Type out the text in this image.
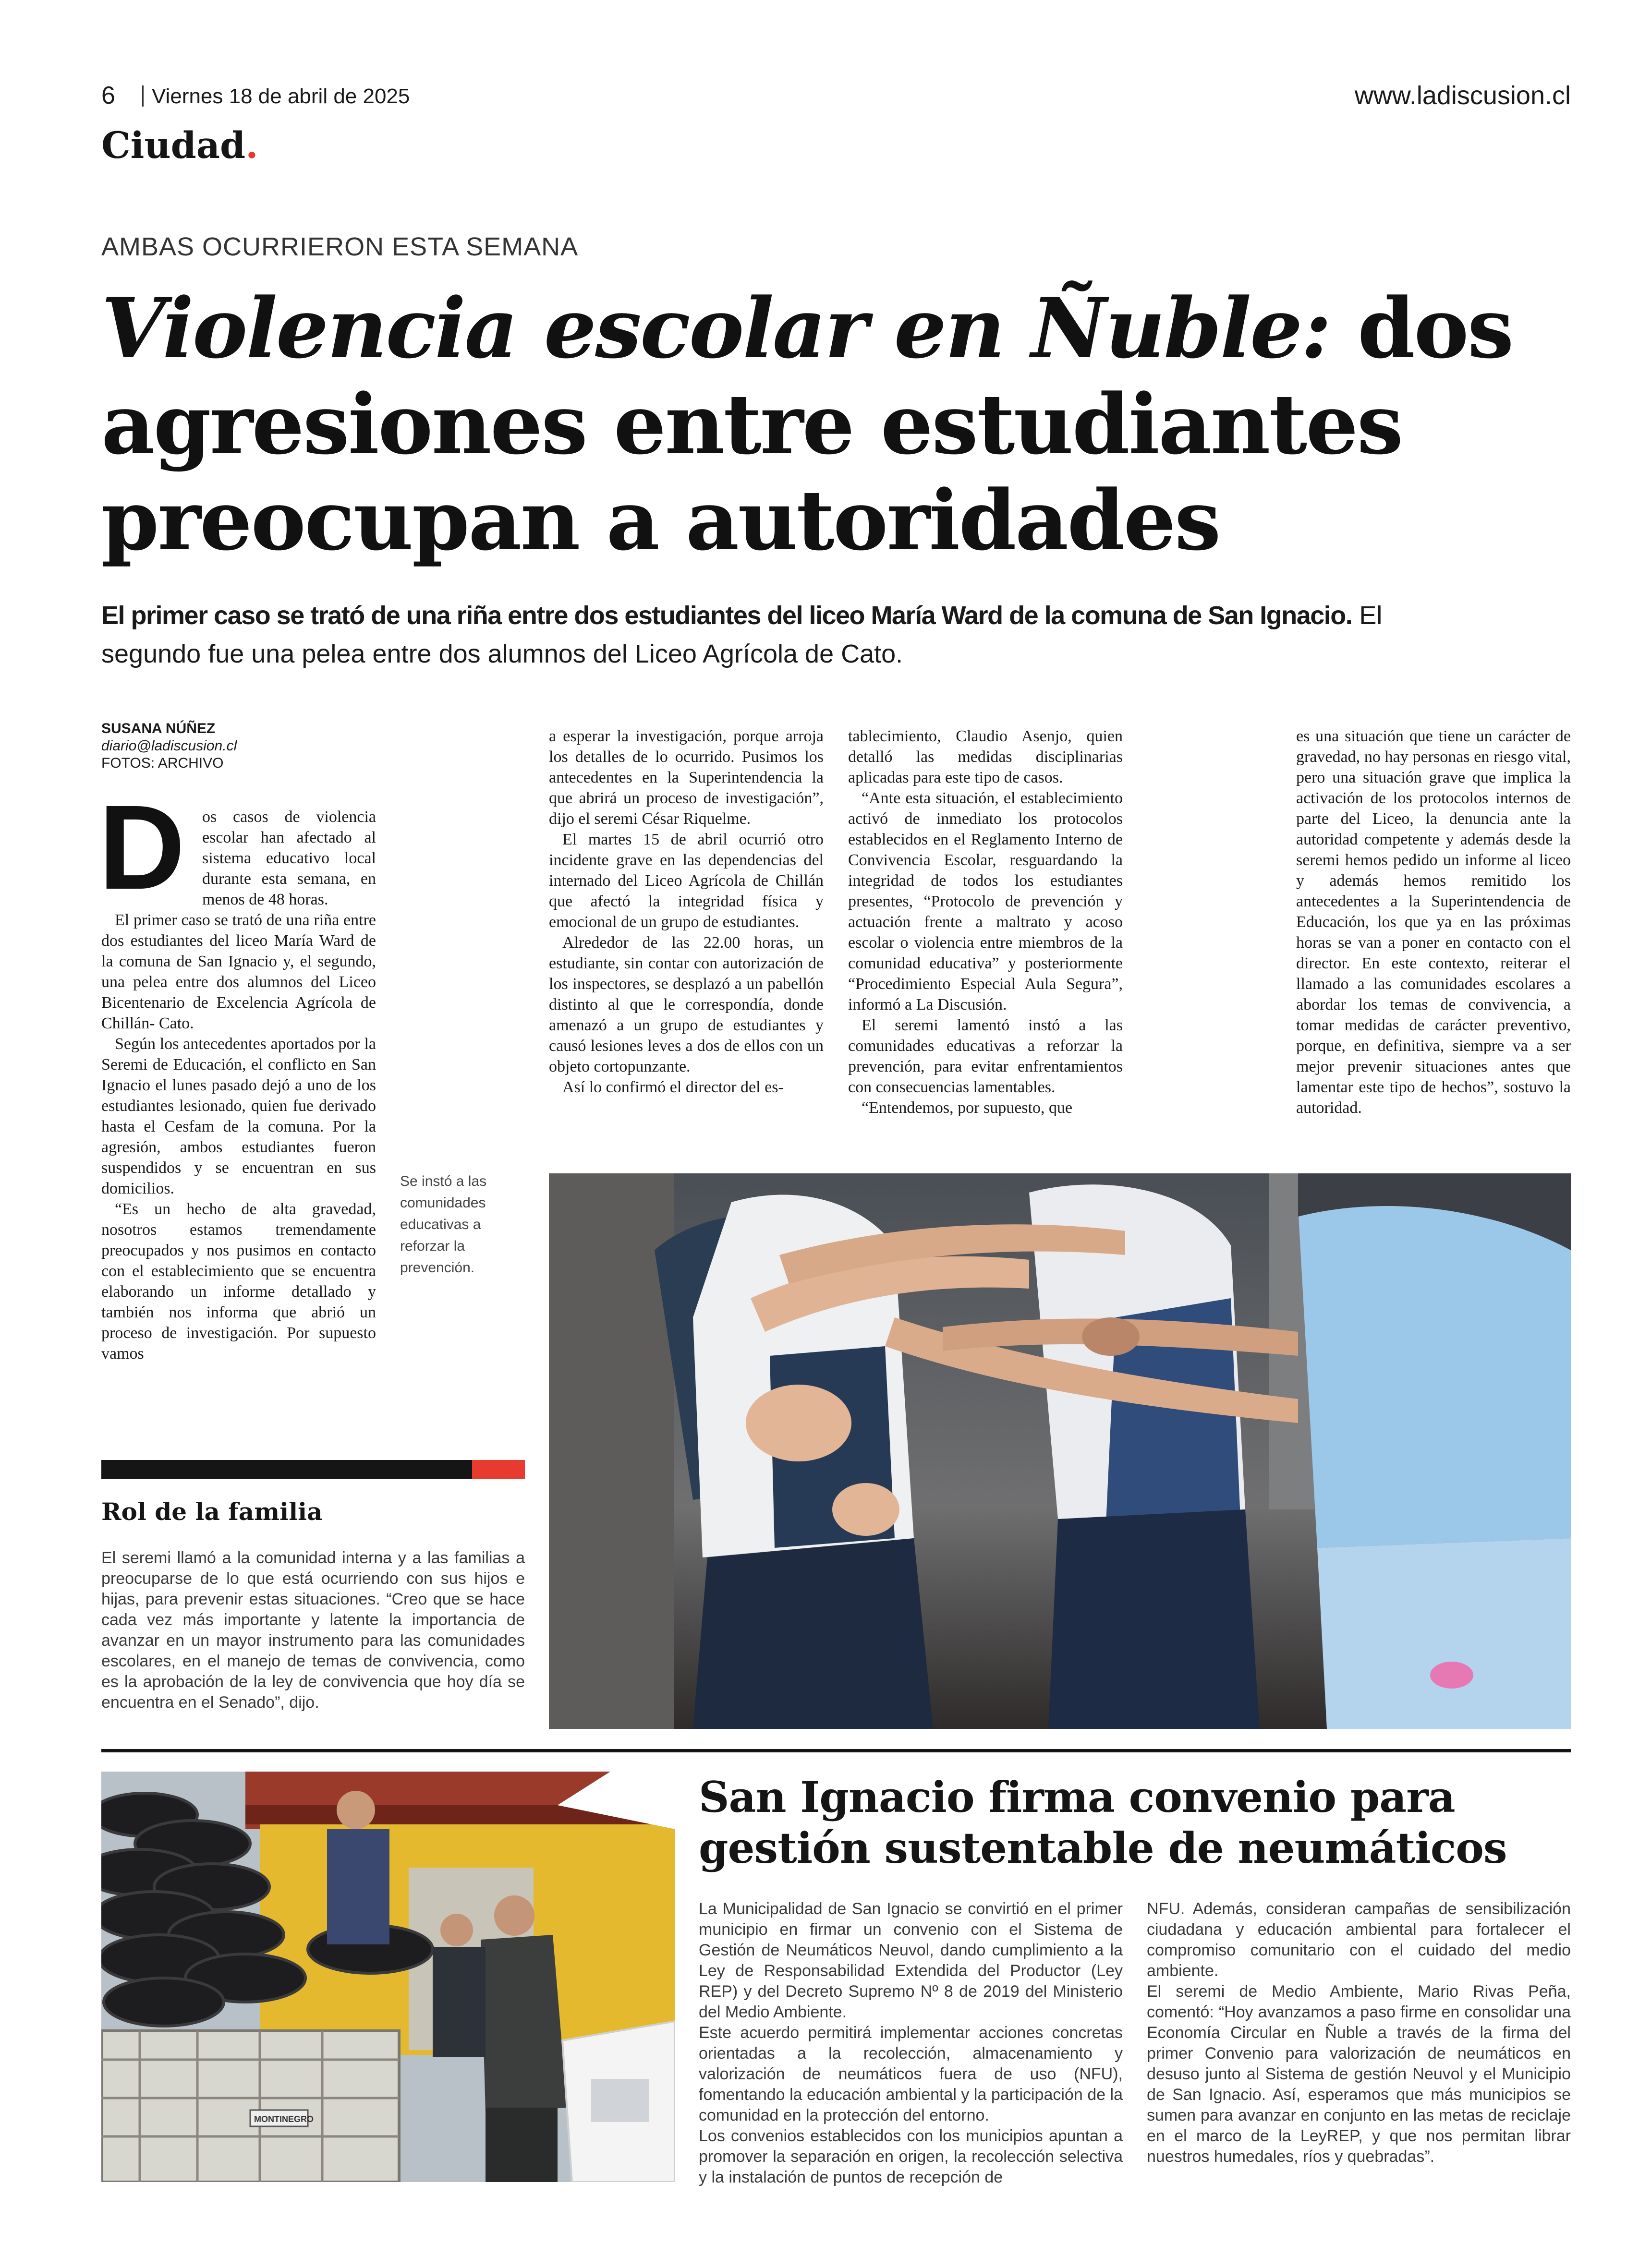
6 Viernes 18 de abril de 2025	www.ladiscusion.cl
Ciudad.
AMBAS OCURRIERON ESTA SEMANA
Violencia escolar en Ñuble: dos
agresiones entre estudiantes
preocupan a autoridades
El primer caso se trató de una riña entre dos estudiantes del liceo María Ward de la comuna de San Ignacio. El
segundo fue una pelea entre dos alumnos del Liceo Agrícola de Cato.
SUSANA NÚÑEZ
diario@ladiscusion.cl
FOTOS: ARCHIVO
D	os casos de violencia escolar han afectado al sistema educativo local durante esta semana, en menos de 48 horas.

El primer caso se trató de una riña entre dos estudiantes del liceo María Ward de la comuna de San Ignacio y, el segundo, una pelea entre dos alumnos del Liceo Bicentenario de Excelencia Agrícola de Chillán- Cato.

Según los antecedentes aportados por la Seremi de Educación, el conflicto en San Ignacio el lunes pasado dejó a uno de los estudiantes lesionado, quien fue derivado hasta el Cesfam de la comuna. Por la agresión, ambos estudiantes fueron suspendidos y se encuentran en sus domicilios.

“Es un hecho de alta gravedad, nosotros estamos tremendamente preocupados y nos pusimos en contacto con el establecimiento que se encuentra elaborando un informe detallado y también nos informa que abrió un proceso de investigación. Por supuesto vamos

a esperar la investigación, porque arroja los detalles de lo ocurrido. Pusimos los antecedentes en la Superintendencia la que abrirá un proceso de investigación”, dijo el seremi César Riquelme.

El martes 15 de abril ocurrió otro incidente grave en las dependencias del internado del Liceo Agrícola de Chillán que afectó la integridad física y emocional de un grupo de estudiantes.

Alrededor de las 22.00 horas, un estudiante, sin contar con autorización de los inspectores, se desplazó a un pabellón distinto al que le correspondía, donde amenazó a un grupo de estudiantes y causó lesiones leves a dos de ellos con un objeto cortopunzante.

Así lo confirmó el director del es-

tablecimiento, Claudio Asenjo, quien detalló las medidas disciplinarias aplicadas para este tipo de casos.

“Ante esta situación, el establecimiento activó de inmediato los protocolos establecidos en el Reglamento Interno de Convivencia Escolar, resguardando la integridad de todos los estudiantes presentes, “Protocolo de prevención y actuación frente a maltrato y acoso escolar o violencia entre miembros de la comunidad educativa” y posteriormente “Procedimiento Especial Aula Segura”, informó a La Discusión.

El seremi lamentó instó a las comunidades educativas a reforzar la prevención, para evitar enfrentamientos con consecuencias lamentables.

“Entendemos, por supuesto, que

es una situación que tiene un carácter de gravedad, no hay personas en riesgo vital, pero una situación grave que implica la activación de los protocolos internos de parte del Liceo, la denuncia ante la autoridad competente y además desde la seremi hemos pedido un informe al liceo y además hemos remitido los antecedentes a la Superintendencia de Educación, los que ya en las próximas horas se van a poner en contacto con el director. En este contexto, reiterar el llamado a las comunidades escolares a abordar los temas de convivencia, a tomar medidas de carácter preventivo, porque, en definitiva, siempre va a ser mejor prevenir situaciones antes que lamentar este tipo de hechos”, sostuvo la autoridad.

Se instó a las comunidades educativas a reforzar la prevención.
Rol de la familia

El seremi llamó a la comunidad interna y a las familias a preocuparse de lo que está ocurriendo con sus hijos e hijas, para prevenir estas situaciones. “Creo que se hace cada vez más importante y latente la importancia de avanzar en un mayor instrumento para las comunidades escolares, en el manejo de temas de convivencia, como es la aprobación de la ley de convivencia que hoy día se encuentra en el Senado”, dijo.

MONTINEGRO
San Ignacio firma convenio para
gestión sustentable de neumáticos

La Municipalidad de San Ignacio se convirtió en el primer municipio en firmar un convenio con el Sistema de Gestión de Neumáticos Neuvol, dando cumplimiento a la Ley de Responsabilidad Extendida del Productor (Ley REP) y del Decreto Supremo Nº 8 de 2019 del Ministerio del Medio Ambiente.

Este acuerdo permitirá implementar acciones concretas orientadas a la recolección, almacenamiento y valorización de neumáticos fuera de uso (NFU), fomentando la educación ambiental y la participación de la comunidad en la protección del entorno.

Los convenios establecidos con los municipios apuntan a promover la separación en origen, la recolección selectiva y la instalación de puntos de recepción de

NFU. Además, consideran campañas de sensibilización ciudadana y educación ambiental para fortalecer el compromiso comunitario con el cuidado del medio ambiente.

El seremi de Medio Ambiente, Mario Rivas Peña, comentó: “Hoy avanzamos a paso firme en consolidar una Economía Circular en Ñuble a través de la firma del primer Convenio para valorización de neumáticos en desuso junto al Sistema de gestión Neuvol y el Municipio de San Ignacio. Así, esperamos que más municipios se sumen para avanzar en conjunto en las metas de reciclaje en el marco de la LeyREP, y que nos permitan librar nuestros humedales, ríos y quebradas”.
